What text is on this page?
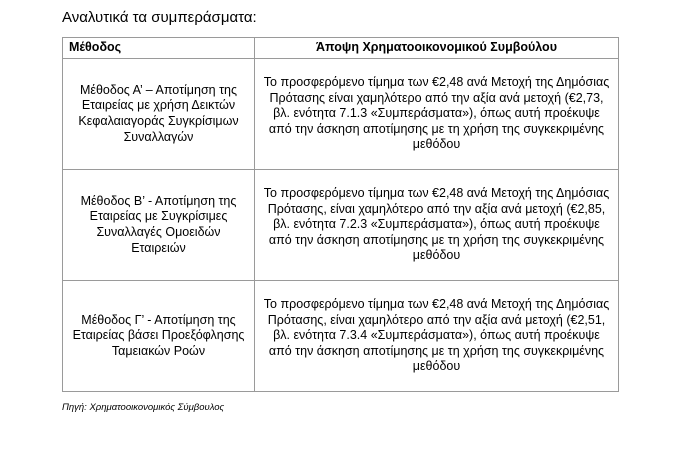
Αναλυτικά τα συμπεράσματα:
Μέθοδος	Άποψη Χρηματοοικονομικού Συμβούλου
Μέθοδος Α’ – Αποτίμηση της Εταιρείας με χρήση Δεικτών Κεφαλαιαγοράς Συγκρίσιμων Συναλλαγών	Το προσφερόμενο τίμημα των €2,48 ανά Μετοχή της Δημόσιας Πρότασης είναι χαμηλότερο από την αξία ανά μετοχή (€2,73, βλ. ενότητα 7.1.3 «Συμπεράσματα»), όπως αυτή προέκυψε από την άσκηση αποτίμησης με τη χρήση της συγκεκριμένης μεθόδου
Μέθοδος Β’ - Αποτίμηση της Εταιρείας με Συγκρίσιμες Συναλλαγές Ομοειδών Εταιρειών	Το προσφερόμενο τίμημα των €2,48 ανά Μετοχή της Δημόσιας Πρότασης, είναι χαμηλότερο από την αξία ανά μετοχή (€2,85, βλ. ενότητα 7.2.3 «Συμπεράσματα»), όπως αυτή προέκυψε από την άσκηση αποτίμησης με τη χρήση της συγκεκριμένης μεθόδου
Μέθοδος Γ’ - Αποτίμηση της Εταιρείας βάσει Προεξόφλησης Ταμειακών Ροών	Το προσφερόμενο τίμημα των €2,48 ανά Μετοχή της Δημόσιας Πρότασης, είναι χαμηλότερο από την αξία ανά μετοχή (€2,51, βλ. ενότητα 7.3.4 «Συμπεράσματα»), όπως αυτή προέκυψε από την άσκηση αποτίμησης με τη χρήση της συγκεκριμένης μεθόδου
Πηγή: Χρηματοοικονομικός Σύμβουλος
